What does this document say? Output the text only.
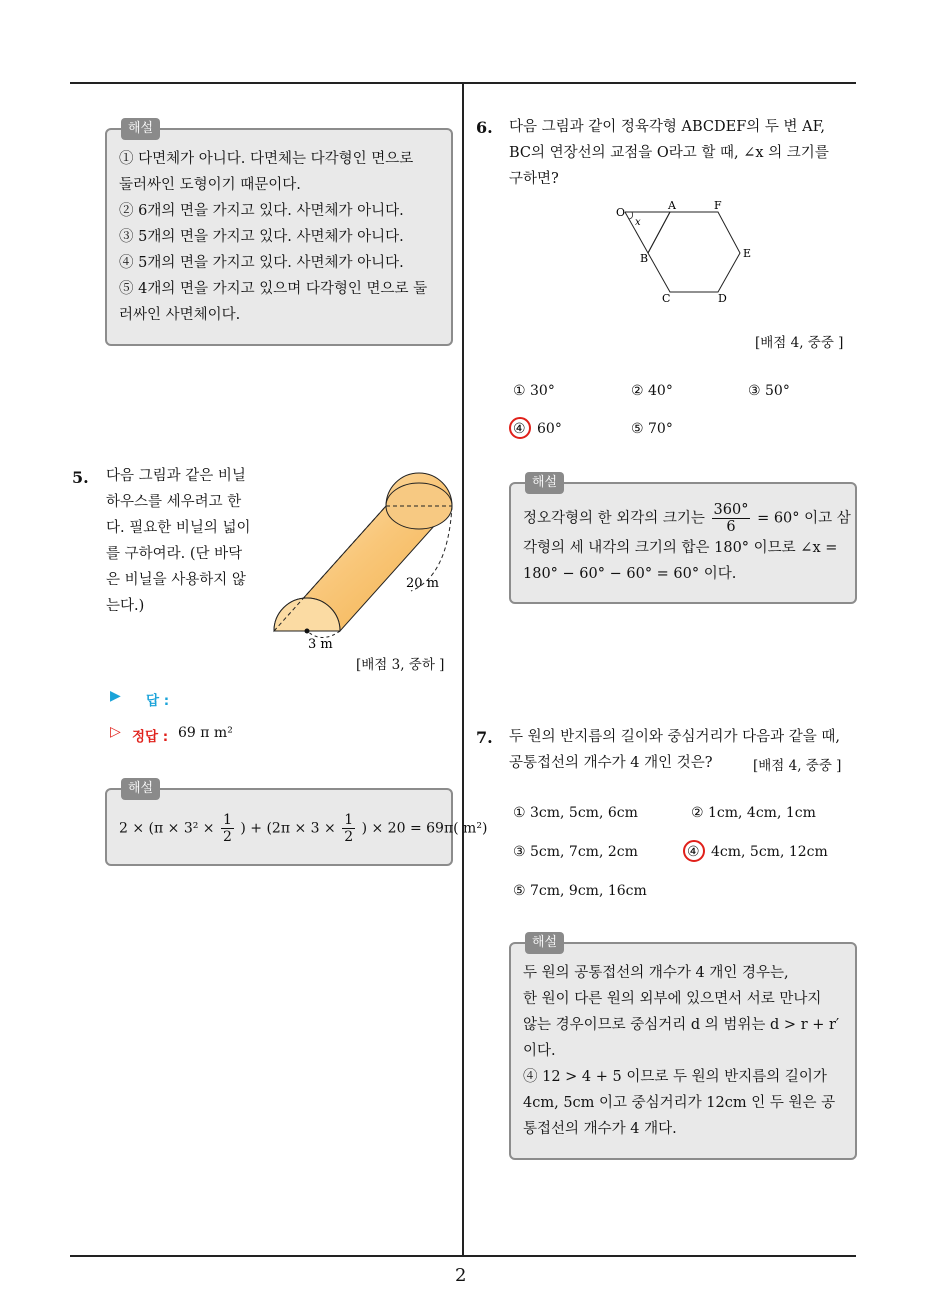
2
해설

① 다면체가 아니다. 다면체는 다각형인 면으로

둘러싸인 도형이기 때문이다.

② 6개의 면을 가지고 있다. 사면체가 아니다.

③ 5개의 면을 가지고 있다. 사면체가 아니다.

④ 5개의 면을 가지고 있다. 사면체가 아니다.

⑤ 4개의 면을 가지고 있으며 다각형인 면으로 둘

러싸인 사면체이다.

5. 다음 그림과 같은 비닐
하우스를 세우려고 한
다. 필요한 비닐의 넓이
를 구하여라. (단 바닥
은 비닐을 사용하지 않
는다.)
20 m
3 m
[배점 3, 중하 ]
▶ 답 :
▷ 정답 : 69 π m²
해설
$2 \times (\pi \times 3^2 \times \frac{1}{2}$ ) + ($2\pi \times 3 \times \frac{1}{2}$ ) × 20 = 69π( m²)
6. 다음 그림과 같이 정육각형 ABCDEF의 두 변 AF,
BC의 연장선의 교점을 O라고 할 때, ∠x 의 크기를
구하면?
O
x
A	F
B	E
C	D
[배점 4, 중중 ]
① 30°	② 40°	③ 50°
④ 60°	⑤ 70°
해설
정오각형의 한 외각의 크기는 $\frac{360^\circ}{6} = 60^\circ$ 이고 삼

각형의 세 내각의 크기의 합은 180° 이므로 ∠x =

180° − 60° − 60° = 60° 이다.

7. 두 원의 반지름의 길이와 중심거리가 다음과 같을 때,
공통접선의 개수가 4 개인 것은?	[배점 4, 중중 ]
① 3cm, 5cm, 6cm	② 1cm, 4cm, 1cm
③ 5cm, 7cm, 2cm	④ 4cm, 5cm, 12cm
⑤ 7cm, 9cm, 16cm
해설

두 원의 공통접선의 개수가 4 개인 경우는,

한 원이 다른 원의 외부에 있으면서 서로 만나지

않는 경우이므로 중심거리 d 의 범위는 d > r + r′

이다.

④ 12 > 4 + 5 이므로 두 원의 반지름의 길이가

4cm, 5cm 이고 중심거리가 12cm 인 두 원은 공

통접선의 개수가 4 개다.
